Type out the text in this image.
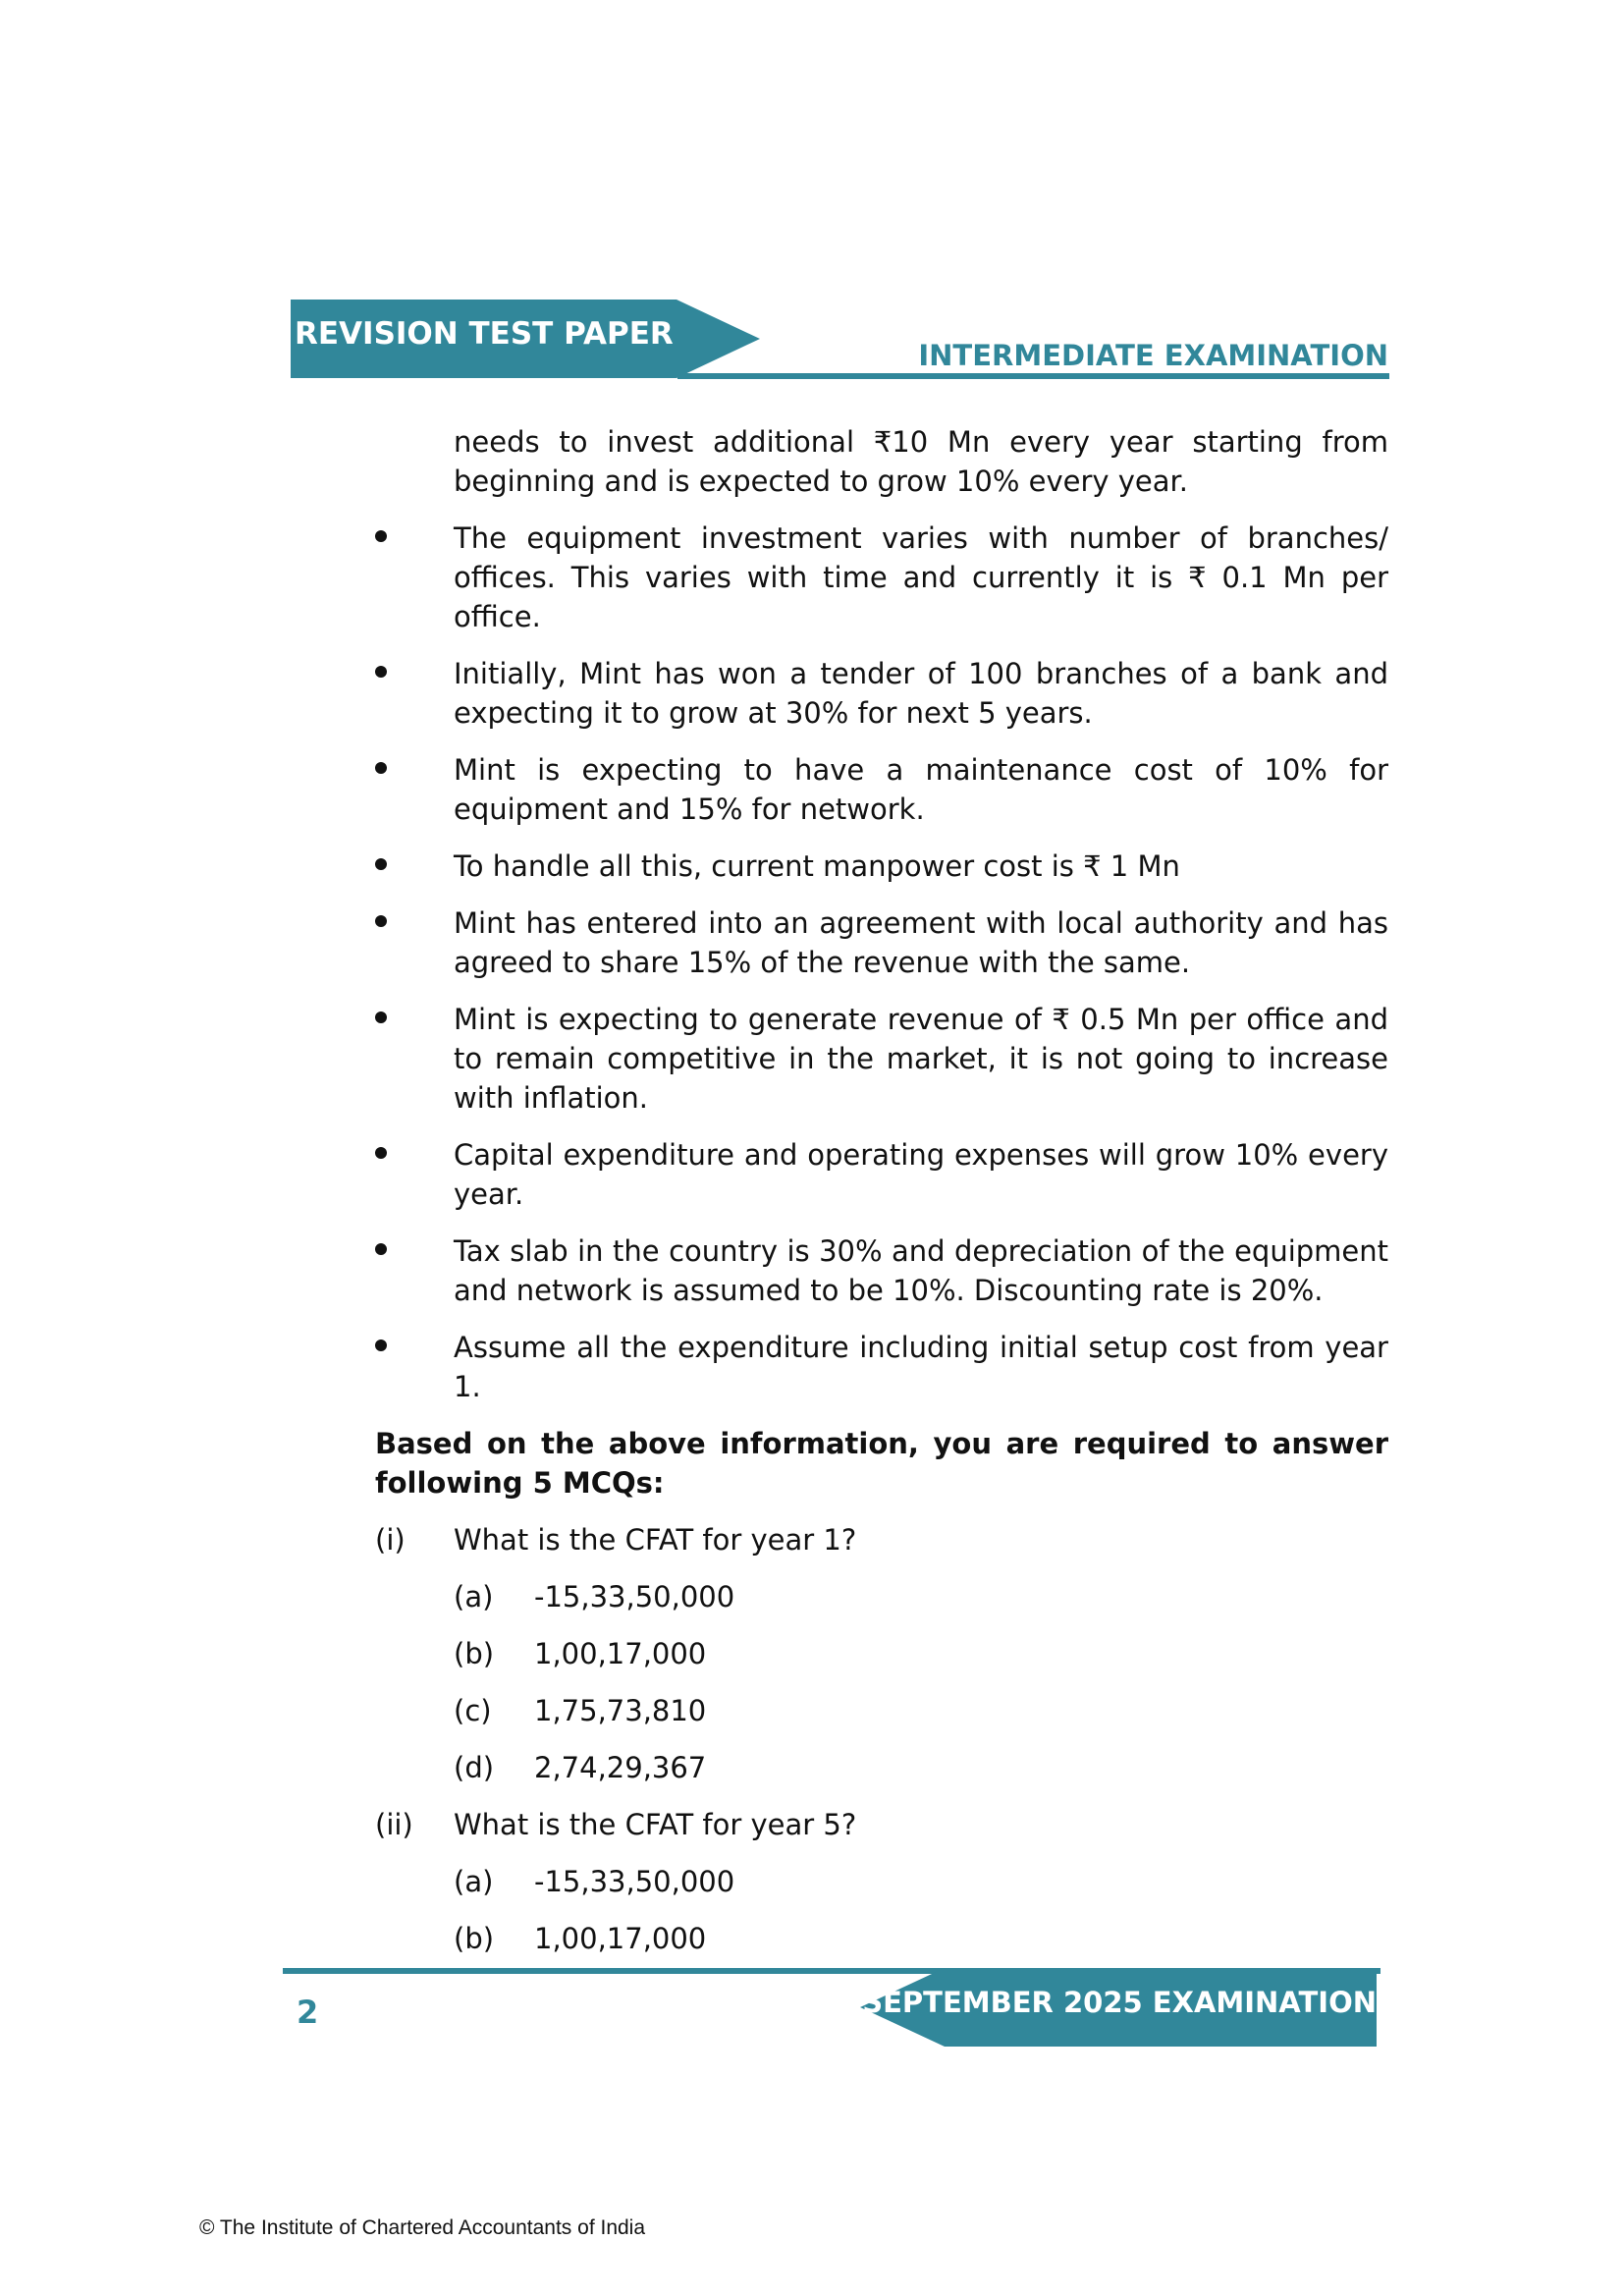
REVISION TEST PAPER
INTERMEDIATE EXAMINATION

needs to invest additional ₹10 Mn every year starting from beginning and is expected to grow 10% every year.

The equipment investment varies with number of branches/ offices. This varies with time and currently it is ₹ 0.1 Mn per office.
Initially, Mint has won a tender of 100 branches of a bank and expecting it to grow at 30% for next 5 years.
Mint is expecting to have a maintenance cost of 10% for equipment and 15% for network.
To handle all this, current manpower cost is ₹ 1 Mn
Mint has entered into an agreement with local authority and has agreed to share 15% of the revenue with the same.
Mint is expecting to generate revenue of ₹ 0.5 Mn per office and to remain competitive in the market, it is not going to increase with inflation.
Capital expenditure and operating expenses will grow 10% every year.
Tax slab in the country is 30% and depreciation of the equipment and network is assumed to be 10%. Discounting rate is 20%.
Assume all the expenditure including initial setup cost from year 1.

Based on the above information, you are required to answer following 5 MCQs:

(i)	What is the CFAT for year 1?
(a)	-15,33,50,000
(b)	1,00,17,000
(c)	1,75,73,810
(d)	2,74,29,367
(ii)	What is the CFAT for year 5?
(a)	-15,33,50,000
(b)	1,00,17,000
2	SEPTEMBER 2025 EXAMINATION
© The Institute of Chartered Accountants of India
